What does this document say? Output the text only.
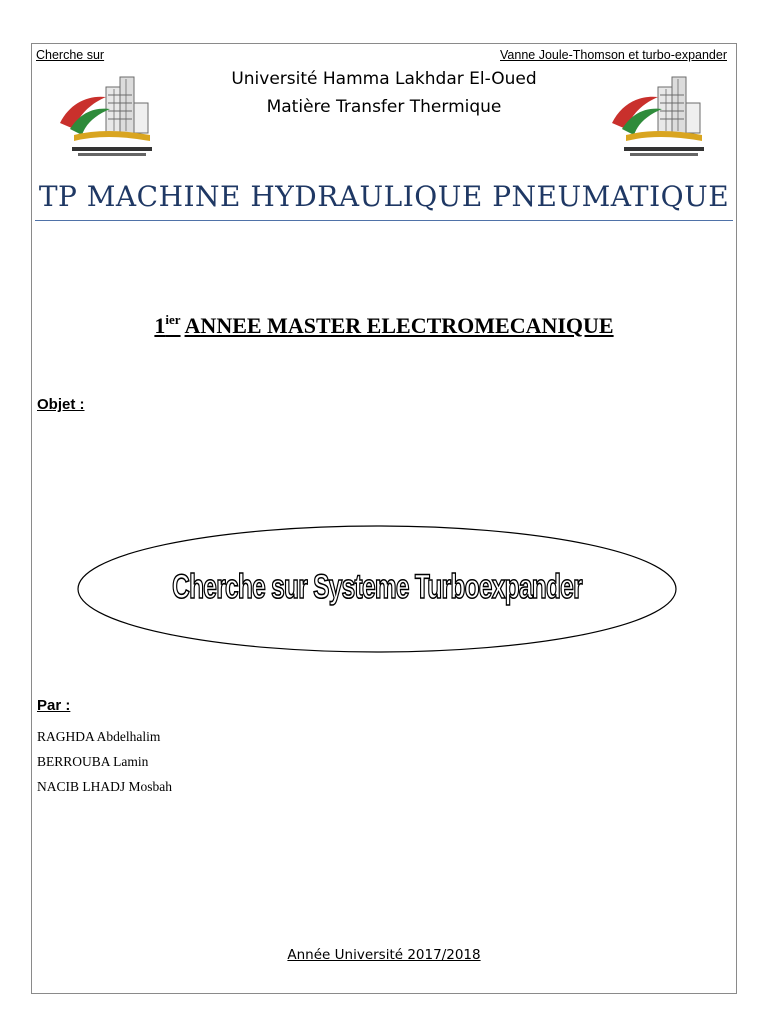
Cherche sur	Vanne Joule-Thomson et turbo-expander
Université Hamma Lakhdar El-Oued
Matière Transfer Thermique
TP MACHINE HYDRAULIQUE PNEUMATIQUE
$1^{ier}$ ANNEE MASTER ELECTROMECANIQUE
Objet :
Cherche sur Systeme Turboexpander
Par :
RAGHDA Abdelhalim
BERROUBA Lamin
NACIB LHADJ Mosbah
Année Université 2017/2018
